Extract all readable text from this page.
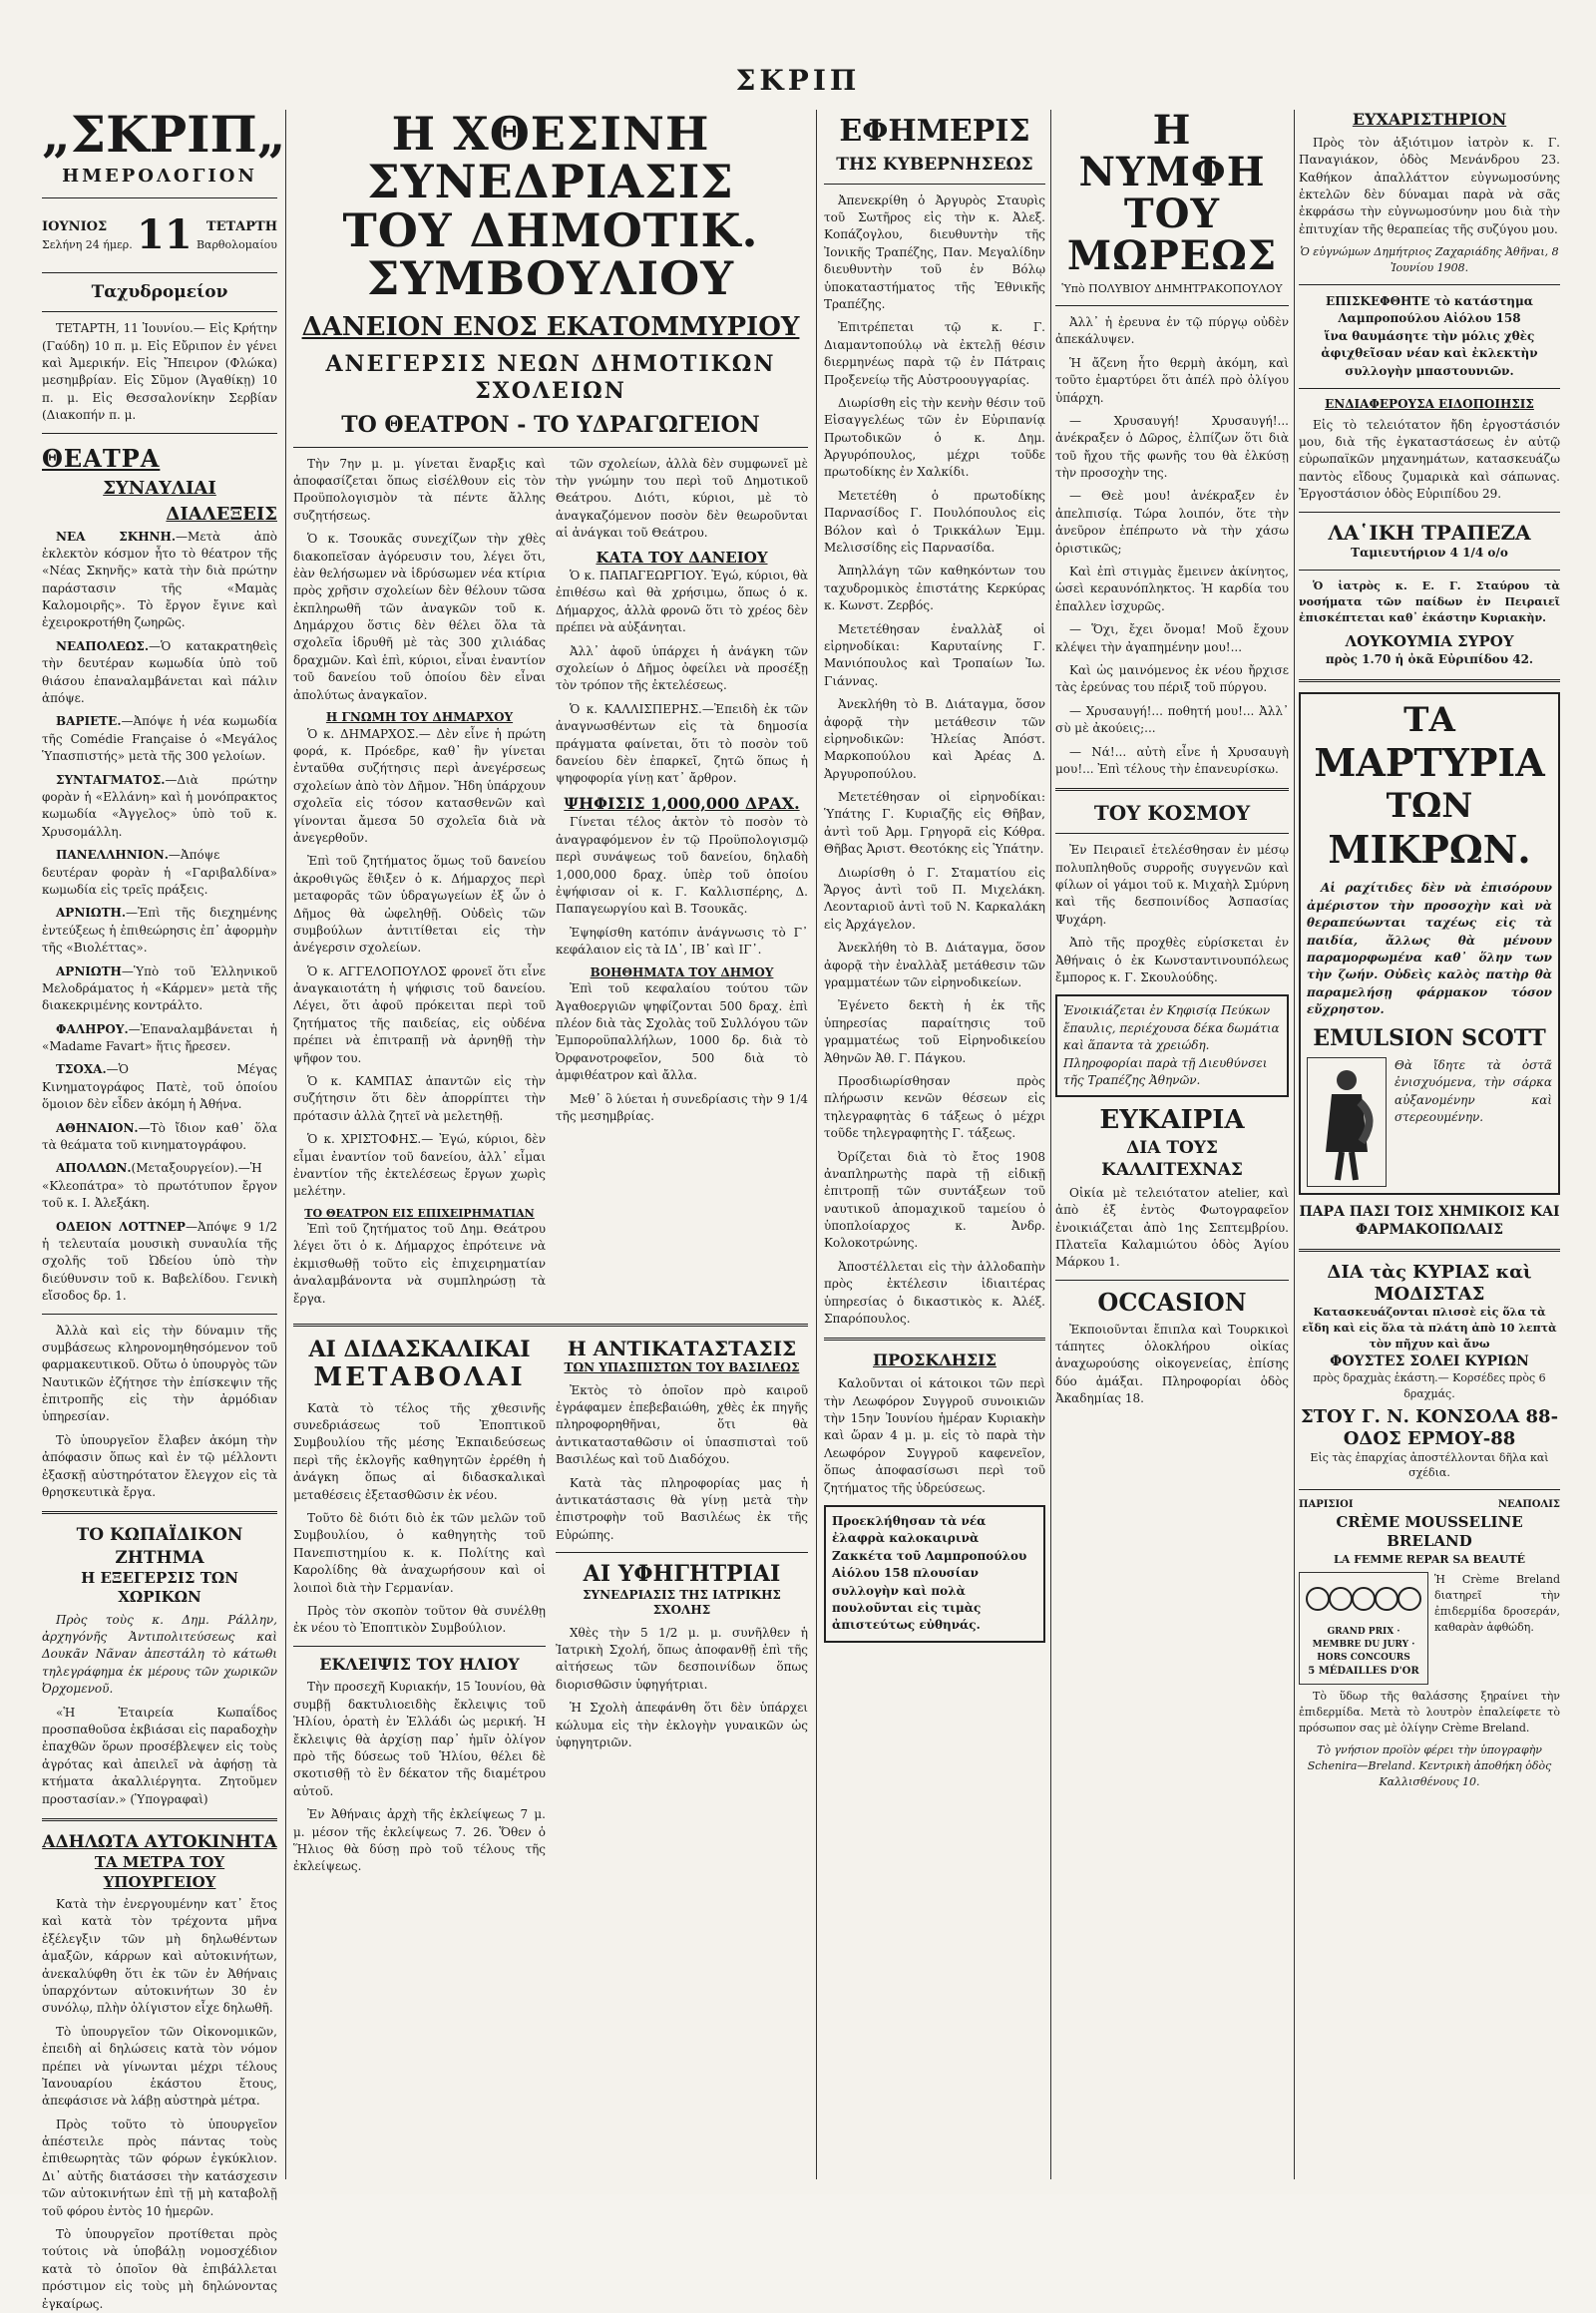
ΣΚΡΙΠ
„ΣΚΡΙΠ„
ΗΜΕΡΟΛΟΓΙΟΝ
ΙΟΥΝΙΟΣ
Σελήνη 24 ήμερ. 11	ΤΕΤΑΡΤΗ
Βαρθολομαίου
Ταχυδρομείον
ΤΕΤΑΡΤΗ, 11 Ἰουνίου.— Εἰς Κρήτην (Γαύδη) 10 π. μ. Εἰς Εὔριπον ἐν γένει καὶ Ἀμερικήν. Εἰς Ἤπειρον (Φλώκα) μεσημβρίαν. Εἰς Σῦμον (Ἀγαθίκῃ) 10 π. μ. Εἰς Θεσσαλονίκην Σερβίαν (Διακοπήν π. μ.
ΘΕΑΤΡΑ
ΣΥΝΑΥΛΙΑΙ
ΔΙΑΛΕΞΕΙΣ
ΝΕΑ ΣΚΗΝΗ.—Μετὰ ἀπὸ ἐκλεκτὸν κόσμον ἦτο τὸ θέατρον τῆς «Νέας Σκηνῆς» κατὰ τὴν διὰ πρώτην παράστασιν τῆς «Μαμὰς Καλομοιρῆς». Τὸ ἔργον ἔγινε καὶ ἐχειροκροτήθη ζωηρῶς.
ΝΕΑΠΟΛΕΩΣ.—Ὁ κατακρατηθεὶς τὴν δευτέραν κωμωδία ὑπὸ τοῦ θιάσου ἐπαναλαμβάνεται καὶ πάλιν ἀπόψε.
ΒΑΡΙΕΤΕ.—Ἀπόψε ἡ νέα κωμωδία τῆς Comédie Française ὁ «Μεγάλος Ὑπασπιστής» μετὰ τῆς 300 γελοίων.
ΣΥΝΤΑΓΜΑΤΟΣ.—Διὰ πρώτην φορὰν ἡ «Ελλάνη» καὶ ἡ μονόπρακτος κωμωδία «Ἀγγελος» ὑπὸ τοῦ κ. Χρυσομάλλη.
ΠΑΝΕΛΛΗΝΙΟΝ.—Ἀπόψε δευτέραν φορὰν ἡ «Γαριβαλδίνα» κωμωδία εἰς τρεῖς πράξεις.
ΑΡΝΙΩΤΗ.—Ἐπὶ τῆς διεχημένης ἐντεύξεως ἡ ἐπιθεώρησις ἐπ᾿ ἀφορμὴν τῆς «Βιολέττας».
ΑΡΝΙΩΤΗ—Ὑπὸ τοῦ Ἑλληνικοῦ Μελοδράματος ἡ «Κάρμεν» μετὰ τῆς διακεκριμένης κοντράλτο.
ΦΑΛΗΡΟΥ.—Ἐπαναλαμβάνεται ἡ «Madame Favart» ἥτις ἤρεσεν.
ΤΣΟΧΑ.—Ὁ Μέγας Κινηματογράφος Πατὲ, τοῦ ὁποίου ὅμοιον δὲν εἶδεν ἀκόμη ἡ Ἀθήνα.
ΑΘΗΝΑΙΟΝ.—Τὸ ἴδιον καθ᾿ ὅλα τὰ θεάματα τοῦ κινηματογράφου.
ΑΠΟΛΛΩΝ.(Μεταξουργείον).—Ἡ «Κλεοπάτρα» τὸ πρωτότυπον ἔργον τοῦ κ. Ι. Ἀλεξάκη.
ΟΔΕΙΟΝ ΛΟΤΤΝΕΡ—Ἀπόψε 9 1/2 ἡ τελευταία μουσικὴ συναυλία τῆς σχολῆς τοῦ Ὠδείου ὑπὸ τὴν διεύθυνσιν τοῦ κ. Βαβελίδου. Γενικὴ εἴσοδος δρ. 1.
Ἀλλὰ καὶ εἰς τὴν δύναμιν τῆς συμβάσεως κληρονομηθησόμενον τοῦ φαρμακευτικοῦ. Οὕτω ὁ ὑπουργὸς τῶν Ναυτικῶν ἐζήτησε τὴν ἐπίσκεψιν τῆς ἐπιτροπῆς εἰς τὴν ἀρμόδιαν ὑπηρεσίαν.
Τὸ ὑπουργεῖον ἔλαβεν ἀκόμη τὴν ἀπόφασιν ὅπως καὶ ἐν τῷ μέλλοντι ἐξασκῇ αὐστηρότατον ἔλεγχον εἰς τὰ θρησκευτικὰ ἔργα.
ΤΟ ΚΩΠΑΪΔΙΚΟΝ ΖΗΤΗΜΑ
Η ΕΞΕΓΕΡΣΙΣ ΤΩΝ ΧΩΡΙΚΩΝ
Πρὸς τοὺς κ. Δημ. Ράλλην, ἀρχηγόνῆς Ἀντιπολιτεύσεως καὶ Δουκᾶν Νᾶναν ἀπεστάλη τὸ κάτωθι τηλεγράφημα ἐκ μέρους τῶν χωρικῶν Ὀρχομενοῦ.
«Ἡ Ἑταιρεία Κωπαΐδος προσπαθοῦσα ἐκβιάσαι εἰς παραδοχὴν ἐπαχθῶν ὅρων προσέβλεψεν εἰς τοὺς ἀγρότας καὶ ἀπειλεῖ νὰ ἀφήσῃ τὰ κτήματα ἀκαλλιέργητα. Ζητοῦμεν προστασίαν.» (Ὑπογραφαὶ)
ΑΔΗΛΩΤΑ ΑΥΤΟΚΙΝΗΤΑ
ΤΑ ΜΕΤΡΑ ΤΟΥ ΥΠΟΥΡΓΕΙΟΥ
Κατὰ τὴν ἐνεργουμένην κατ᾿ ἔτος καὶ κατὰ τὸν τρέχοντα μῆνα ἐξέλεγξιν τῶν μὴ δηλωθέντων ἁμαξῶν, κάρρων καὶ αὐτοκινήτων, ἀνεκαλύφθη ὅτι ἐκ τῶν ἐν Ἀθήναις ὑπαρχόντων αὐτοκινήτων 30 ἐν συνόλῳ, πλὴν ὀλίγιστον εἶχε δηλωθῆ.
Τὸ ὑπουργεῖον τῶν Οἰκονομικῶν, ἐπειδὴ αἱ δηλώσεις κατὰ τὸν νόμον πρέπει νὰ γίνωνται μέχρι τέλους Ἰανουαρίου ἑκάστου ἔτους, ἀπεφάσισε νὰ λάβῃ αὐστηρὰ μέτρα.
Πρὸς τοῦτο τὸ ὑπουργεῖον ἀπέστειλε πρὸς πάντας τοὺς ἐπιθεωρητὰς τῶν φόρων ἐγκύκλιον. Δι᾿ αὐτῆς διατάσσει τὴν κατάσχεσιν τῶν αὐτοκινήτων ἐπὶ τῇ μὴ καταβολῇ τοῦ φόρου ἐντὸς 10 ἡμερῶν.
Τὸ ὑπουργεῖον προτίθεται πρὸς τούτοις νὰ ὑποβάλῃ νομοσχέδιον κατὰ τὸ ὁποῖον θὰ ἐπιβάλλεται πρόστιμον εἰς τοὺς μὴ δηλώνοντας ἐγκαίρως.
Η ΧΘΕΣΙΝΗ ΣΥΝΕΔΡΙΑΣΙΣ
ΤΟΥ ΔΗΜΟΤΙΚ. ΣΥΜΒΟΥΛΙΟΥ
ΔΑΝΕΙΟΝ ΕΝΟΣ ΕΚΑΤΟΜΜΥΡΙΟΥ
ΑΝΕΓΕΡΣΙΣ ΝΕΩΝ ΔΗΜΟΤΙΚΩΝ ΣΧΟΛΕΙΩΝ
ΤΟ ΘΕΑΤΡΟΝ - ΤΟ ΥΔΡΑΓΩΓΕΙΟΝ
Τὴν 7ην μ. μ. γίνεται ἔναρξις καὶ ἀποφασίζεται ὅπως εἰσέλθουν εἰς τὸν Προϋπολογισμὸν τὰ πέντε ἄλλης συζητήσεως.
Ὁ κ. Τσουκᾶς συνεχίζων τὴν χθὲς διακοπεῖσαν ἀγόρευσιν του, λέγει ὅτι, ἐὰν θελήσωμεν νὰ ἱδρύσωμεν νέα κτίρια πρὸς χρῆσιν σχολείων δὲν θέλουν τῶσα ἐκπληρωθῆ τῶν ἀναγκῶν τοῦ κ. Δημάρχου ὅστις δὲν θέλει ὅλα τὰ σχολεῖα ἱδρυθῆ μὲ τὰς 300 χιλιάδας δραχμῶν. Καὶ ἑπὶ, κύριοι, εἶναι ἐναντίον τοῦ δανείου τοῦ ὁποίου δὲν εἶναι ἀπολύτως ἀναγκαῖον.
Η ΓΝΩΜΗ ΤΟΥ ΔΗΜΑΡΧΟΥ
Ὁ κ. ΔΗΜΑΡΧΟΣ.— Δὲν εἶνε ἡ πρώτη φορά, κ. Πρόεδρε, καθ᾿ ἣν γίνεται ἐνταῦθα συζήτησις περὶ ἀνεγέρσεως σχολείων ἀπὸ τὸν Δῆμον. Ἤδη ὑπάρχουν σχολεῖα εἰς τόσον κατασθενῶν καὶ γίνονται ἄμεσα 50 σχολεῖα διὰ νὰ ἀνεγερθοῦν.
Ἐπὶ τοῦ ζητήματος ὅμως τοῦ δανείου ἀκροθιγῶς ἔθιξεν ὁ κ. Δήμαρχος περὶ μεταφορᾶς τῶν ὑδραγωγείων ἐξ ὧν ὁ Δῆμος θὰ ὠφεληθῇ. Οὐδεὶς τῶν συμβούλων ἀντιτίθεται εἰς τὴν ἀνέγερσιν σχολείων.
Ὁ κ. ΑΓΓΕΛΟΠΟΥΛΟΣ φρονεῖ ὅτι εἶνε ἀναγκαιοτάτη ἡ ψήφισις τοῦ δανείου. Λέγει, ὅτι ἀφοῦ πρόκειται περὶ τοῦ ζητήματος τῆς παιδείας, εἰς οὐδένα πρέπει νὰ ἐπιτραπῇ νὰ ἀρνηθῇ τὴν ψῆφον του.
Ὁ κ. ΚΑΜΠΑΣ ἀπαντῶν εἰς τὴν συζήτησιν ὅτι δὲν ἀπορρίπτει τὴν πρότασιν ἀλλὰ ζητεῖ νὰ μελετηθῇ.
Ὁ κ. ΧΡΙΣΤΟΦΗΣ.— Ἐγώ, κύριοι, δὲν εἶμαι ἐναντίον τοῦ δανείου, ἀλλ᾿ εἶμαι ἐναντίον τῆς ἐκτελέσεως ἔργων χωρὶς μελέτην.
ΤΟ ΘΕΑΤΡΟΝ ΕΙΣ ΕΠΙΧΕΙΡΗΜΑΤΙΑΝ
Ἐπὶ τοῦ ζητήματος τοῦ Δημ. Θεάτρου λέγει ὅτι ὁ κ. Δήμαρχος ἐπρότεινε νὰ ἐκμισθωθῇ τοῦτο εἰς ἐπιχειρηματίαν ἀναλαμβάνοντα νὰ συμπληρώσῃ τὰ ἔργα.
τῶν σχολείων, ἀλλὰ δὲν συμφωνεῖ μὲ τὴν γνώμην του περὶ τοῦ Δημοτικοῦ Θεάτρου. Διότι, κύριοι, μὲ τὸ ἀναγκαζόμενον ποσὸν δὲν θεωροῦνται αἱ ἀνάγκαι τοῦ Θεάτρου.
ΚΑΤΑ ΤΟΥ ΔΑΝΕΙΟΥ
Ὁ κ. ΠΑΠΑΓΕΩΡΓΙΟΥ. Ἐγώ, κύριοι, θὰ ἐπιθέσω καὶ θὰ χρήσιμω, ὅπως ὁ κ. Δήμαρχος, ἀλλὰ φρονῶ ὅτι τὸ χρέος δὲν πρέπει νὰ αὐξάνηται.
Ἀλλ᾿ ἀφοῦ ὑπάρχει ἡ ἀνάγκη τῶν σχολείων ὁ Δῆμος ὀφείλει νὰ προσέξῃ τὸν τρόπον τῆς ἐκτελέσεως.
Ὁ κ. ΚΑΛΛΙΣΠΕΡΗΣ.—Ἐπειδὴ ἐκ τῶν ἀναγνωσθέντων εἰς τὰ δημοσία πράγματα φαίνεται, ὅτι τὸ ποσὸν τοῦ δανείου δὲν ἐπαρκεῖ, ζητῶ ὅπως ἡ ψηφοφορία γίνῃ κατ᾿ ἄρθρον.
ΨΗΦΙΣΙΣ 1,000,000 ΔΡΑΧ.
Γίνεται τέλος ἀκτὸν τὸ ποσὸν τὸ ἀναγραφόμενον ἐν τῷ Προϋπολογισμῷ περὶ συνάψεως τοῦ δανείου, δηλαδὴ 1,000,000 δραχ. ὑπὲρ τοῦ ὁποίου ἐψήφισαν οἱ κ. Γ. Καλλισπέρης, Δ. Παπαγεωργίου καὶ Β. Τσουκᾶς.
Ἐψηφίσθη κατόπιν ἀνάγνωσις τὸ Γ᾿ κεφάλαιον εἰς τὰ ΙΔ᾿, ΙΒ᾿ καὶ ΙΓ᾿.
ΒΟΗΘΗΜΑΤΑ ΤΟΥ ΔΗΜΟΥ
Ἐπὶ τοῦ κεφαλαίου τούτου τῶν Ἀγαθοεργιῶν ψηφίζονται 500 δραχ. ἐπὶ πλέον διὰ τὰς Σχολὰς τοῦ Συλλόγου τῶν Ἐμποροϋπαλλήλων, 1000 δρ. διὰ τὸ Ὀρφανοτροφεῖον, 500 διὰ τὸ ἀμφιθέατρον καὶ ἄλλα.
Μεθ᾿ ὃ λύεται ἡ συνεδρίασις τὴν 9 1/4 τῆς μεσημβρίας.
ΑΙ ΔΙΔΑΣΚΑΛΙΚΑΙ
ΜΕΤΑΒΟΛΑΙ
Κατὰ τὸ τέλος τῆς χθεσινῆς συνεδριάσεως τοῦ Ἐποπτικοῦ Συμβουλίου τῆς μέσης Ἐκπαιδεύσεως περὶ τῆς ἐκλογῆς καθηγητῶν ἐρρέθη ἡ ἀνάγκη ὅπως αἱ διδασκαλικαὶ μεταθέσεις ἐξετασθῶσιν ἐκ νέου.
Τοῦτο δὲ διότι διὸ ἐκ τῶν μελῶν τοῦ Συμβουλίου, ὁ καθηγητὴς τοῦ Πανεπιστημίου κ. κ. Πολίτης καὶ Καρολίδης θὰ ἀναχωρήσουν καὶ οἱ λοιποὶ διὰ τὴν Γερμανίαν.
Πρὸς τὸν σκοπὸν τοῦτον θὰ συνέλθῃ ἐκ νέου τὸ Ἐποπτικὸν Συμβούλιον.
ΕΚΛΕΙΨΙΣ ΤΟΥ ΗΛΙΟΥ
Τὴν προσεχῆ Κυριακήν, 15 Ἰουνίου, θὰ συμβῇ δακτυλιοειδὴς ἔκλειψις τοῦ Ἡλίου, ὁρατὴ ἐν Ἑλλάδι ὡς μερική. Ἡ ἔκλειψις θὰ ἀρχίσῃ παρ᾿ ἡμῖν ὀλίγον πρὸ τῆς δύσεως τοῦ Ἡλίου, θέλει δὲ σκοτισθῇ τὸ ἓν δέκατον τῆς διαμέτρου αὐτοῦ.
Ἐν Ἀθήναις ἀρχὴ τῆς ἐκλείψεως 7 μ. μ. μέσον τῆς ἐκλείψεως 7. 26. Ὅθεν ὁ Ἥλιος θὰ δύσῃ πρὸ τοῦ τέλους τῆς ἐκλείψεως.
Η ΑΝΤΙΚΑΤΑΣΤΑΣΙΣ
ΤΩΝ ΥΠΑΣΠΙΣΤΩΝ ΤΟΥ ΒΑΣΙΛΕΩΣ
Ἐκτὸς τὸ ὁποῖον πρὸ καιροῦ ἐγράφαμεν ἐπεβεβαιώθη, χθὲς ἐκ πηγῆς πληροφορηθῆναι, ὅτι θὰ ἀντικατασταθῶσιν οἱ ὑπασπισταὶ τοῦ Βασιλέως καὶ τοῦ Διαδόχου.
Κατὰ τὰς πληροφορίας μας ἡ ἀντικατάστασις θὰ γίνῃ μετὰ τὴν ἐπιστροφὴν τοῦ Βασιλέως ἐκ τῆς Εὐρώπης.
ΑΙ ΥΦΗΓΗΤΡΙΑΙ
ΣΥΝΕΔΡΙΑΣΙΣ ΤΗΣ ΙΑΤΡΙΚΗΣ ΣΧΟΛΗΣ
Χθὲς τὴν 5 1/2 μ. μ. συνῆλθεν ἡ Ἰατρικὴ Σχολή, ὅπως ἀποφανθῇ ἐπὶ τῆς αἰτήσεως τῶν δεσποινίδων ὅπως διορισθῶσιν ὑφηγήτριαι.
Ἡ Σχολὴ ἀπεφάνθη ὅτι δὲν ὑπάρχει κώλυμα εἰς τὴν ἐκλογὴν γυναικῶν ὡς ὑφηγητριῶν.
ΕΦΗΜΕΡΙΣ
ΤΗΣ ΚΥΒΕΡΝΗΣΕΩΣ
Ἀπενεκρίθη ὁ Ἀργυρὸς Σταυρὶς τοῦ Σωτῆρος εἰς τὴν κ. Ἀλεξ. Κοπάζογλου, διευθυντὴν τῆς Ἰονικῆς Τραπέζης, Παν. Μεγαλίδην διευθυντὴν τοῦ ἐν Βόλῳ ὑποκαταστήματος τῆς Ἐθνικῆς Τραπέζης.
Ἐπιτρέπεται τῷ κ. Γ. Διαμαντοπούλῳ νὰ ἐκτελῇ θέσιν διερμηνέως παρὰ τῷ ἐν Πάτραις Προξενείῳ τῆς Αὐστροουγγαρίας.
Διωρίσθη εἰς τὴν κενὴν θέσιν τοῦ Εἰσαγγελέως τῶν ἐν Εὐριπανίᾳ Πρωτοδικῶν ὁ κ. Δημ. Ἀργυρόπουλος, μέχρι τοῦδε πρωτοδίκης ἐν Χαλκίδι.
Μετετέθη ὁ πρωτοδίκης Παρνασίδος Γ. Πουλόπουλος εἰς Βόλον καὶ ὁ Τρικκάλων Ἐμμ. Μελισσίδης εἰς Παρνασίδα.
Ἀπηλλάγη τῶν καθηκόντων του ταχυδρομικὸς ἐπιστάτης Κερκύρας κ. Κωνστ. Ζερβός.
Μετετέθησαν ἐναλλὰξ οἱ εἰρηνοδίκαι: Καρυταίνης Γ. Μανιόπουλος καὶ Τροπαίων Ἰω. Γιάννας.
Ἀνεκλήθη τὸ Β. Διάταγμα, ὅσον ἀφορᾷ τὴν μετάθεσιν τῶν εἰρηνοδικῶν: Ἠλείας Ἀπόστ. Μαρκοπούλου καὶ Ἀρέας Δ. Ἀργυροπούλου.
Μετετέθησαν οἱ εἰρηνοδίκαι: Ὑπάτης Γ. Κυριαζῆς εἰς Θῆβαν, ἀντὶ τοῦ Ἀρμ. Γρηγορᾶ εἰς Κόθρα. Θῆβας Ἀριστ. Θεοτόκης εἰς Ὑπάτην.
Διωρίσθη ὁ Γ. Σταματίου εἰς Ἄργος ἀντὶ τοῦ Π. Μιχελάκη. Λεονταριοῦ ἀντὶ τοῦ Ν. Καρκαλάκη εἰς Ἀρχάγελον.
Ἀνεκλήθη τὸ Β. Διάταγμα, ὅσον ἀφορᾷ τὴν ἐναλλὰξ μετάθεσιν τῶν γραμματέων τῶν εἰρηνοδικείων.
Ἐγένετο δεκτὴ ἡ ἐκ τῆς ὑπηρεσίας παραίτησις τοῦ γραμματέως τοῦ Εἰρηνοδικείου Ἀθηνῶν Ἀθ. Γ. Πάγκου.
Προσδιωρίσθησαν πρὸς πλήρωσιν κενῶν θέσεων εἰς τηλεγραφητὰς 6 τάξεως ὁ μέχρι τοῦδε τηλεγραφητὴς Γ. τάξεως.
Ὀρίζεται διὰ τὸ ἔτος 1908 ἀναπληρωτὴς παρὰ τῇ εἰδικῇ ἐπιτροπῇ τῶν συντάξεων τοῦ ναυτικοῦ ἀπομαχικοῦ ταμείου ὁ ὑποπλοίαρχος κ. Ἀνδρ. Κολοκοτρώνης.
Ἀποστέλλεται εἰς τὴν ἀλλοδαπὴν πρὸς ἐκτέλεσιν ἰδιαιτέρας ὑπηρεσίας ὁ δικαστικὸς κ. Ἀλέξ. Σπαρόπουλος.
ΠΡΟΣΚΛΗΣΙΣ
Καλοῦνται οἱ κάτοικοι τῶν περὶ τὴν Λεωφόρον Συγγροῦ συνοικιῶν τὴν 15ην Ἰουνίου ἡμέραν Κυριακὴν καὶ ὥραν 4 μ. μ. εἰς τὸ παρὰ τὴν Λεωφόρον Συγγροῦ καφενεῖον, ὅπως ἀποφασίσωσι περὶ τοῦ ζητήματος τῆς ὑδρεύσεως.
Προεκλήθησαν τὰ νέα ἐλαφρὰ καλοκαιρινὰ Ζακκέτα τοῦ Λαμπροπούλου Αἰόλου 158 πλουσίαν συλλογὴν καὶ πολὰ πουλοῦνται εἰς τιμὰς ἀπιστεύτως εὐθηνάς.
Η ΝΥΜΦΗ
ΤΟΥ ΜΩΡΕΩΣ
Ὑπὸ ΠΟΛΥΒΙΟΥ ΔΗΜΗΤΡΑΚΟΠΟΥΛΟΥ
Ἀλλ᾿ ἡ ἐρευνα ἐν τῷ πύργῳ οὐδὲν ἀπεκάλυψεν.
Ἡ ἄζενη ἦτο θερμὴ ἀκόμη, καὶ τοῦτο ἐμαρτύρει ὅτι ἀπέλ πρὸ ὀλίγου ὑπάρχη.
— Χρυσαυγή! Χρυσαυγή!... ἀνέκραξεν ὁ Δῶρος, ἐλπίζων ὅτι διὰ τοῦ ἤχου τῆς φωνῆς του θὰ ἐλκύσῃ τὴν προσοχὴν της.
— Θεὲ μου! ἀνέκραξεν ἐν ἀπελπισίᾳ. Τώρα λοιπόν, ὅτε τὴν ἀνεῦρον ἐπέπρωτο νὰ τὴν χάσω ὁριστικῶς;
Καὶ ἐπὶ στιγμὰς ἔμεινεν ἀκίνητος, ὡσεὶ κεραυνόπληκτος. Ἡ καρδία του ἐπαλλεν ἰσχυρῶς.
— Ὅχι, ἔχει ὄνομα! Μοῦ ἔχουν κλέψει τὴν ἀγαπημένην μου!...
Καὶ ὡς μαινόμενος ἐκ νέου ἤρχισε τὰς ἐρεύνας του πέριξ τοῦ πύργου.
— Χρυσαυγή!... ποθητή μου!... Ἀλλ᾿ σὺ μὲ ἀκούεις;...
— Νά!... αὐτὴ εἶνε ἡ Χρυσαυγὴ μου!... Ἐπὶ τέλους τὴν ἐπανευρίσκω.
ΤΟΥ ΚΟΣΜΟΥ
Ἐν Πειραιεῖ ἐτελέσθησαν ἐν μέσῳ πολυπληθοῦς συρροῆς συγγενῶν καὶ φίλων οἱ γάμοι τοῦ κ. Μιχαὴλ Σμύρνη καὶ τῆς δεσποινίδος Ἀσπασίας Ψυχάρη.
Ἀπὸ τῆς προχθὲς εὑρίσκεται ἐν Ἀθήναις ὁ ἐκ Κωνσταντινουπόλεως ἔμπορος κ. Γ. Σκουλούδης.
Ἐνοικιάζεται ἐν Κηφισίᾳ Πεύκων ἔπαυλις, περιέχουσα δέκα δωμάτια καὶ ἅπαντα τὰ χρειώδη. Πληροφορίαι παρὰ τῇ Διευθύνσει τῆς Τραπέζης Ἀθηνῶν.
ΕΥΚΑΙΡΙΑ
ΔΙΑ ΤΟΥΣ ΚΑΛΛΙΤΕΧΝΑΣ
Οἰκία μὲ τελειότατον atelier, καὶ ἀπὸ ἐξ ἐντὸς Φωτογραφεῖον ἐνοικιάζεται ἀπὸ 1ης Σεπτεμβρίου. Πλατεῖα Καλαμιώτου ὁδὸς Ἁγίου Μάρκου 1.
OCCASION
Ἐκποιοῦνται ἔπιπλα καὶ Τουρκικοὶ τάπητες ὁλοκλήρου οἰκίας ἀναχωρούσης οἰκογενείας, ἐπίσης δύο ἀμάξαι. Πληροφορίαι ὁδὸς Ἀκαδημίας 18.
ΕΥΧΑΡΙΣΤΗΡΙΟΝ
Πρὸς τὸν ἀξιότιμον ἰατρὸν κ. Γ. Παναγιάκον, ὁδὸς Μενάνδρου 23. Καθήκον ἀπαλλάττον εὐγνωμοσύνης ἐκτελῶν δὲν δύναμαι παρὰ νὰ σᾶς ἐκφράσω τὴν εὐγνωμοσύνην μου διὰ τὴν ἐπιτυχίαν τῆς θεραπείας τῆς συζύγου μου.
Ὁ εὐγνώμων Δημήτριος Ζαχαριάδης Ἀθῆναι, 8 Ἰουνίου 1908.
ΕΠΙΣΚΕΦΘΗΤΕ τὸ κατάστημα Λαμπροπούλου Αἰόλου 158
ἵνα θαυμάσητε τὴν μόλις χθὲς ἀφιχθεῖσαν νέαν καὶ ἐκλεκτὴν συλλογὴν μπαστουνιῶν.
ΕΝΔΙΑΦΕΡΟΥΣΑ ΕΙΔΟΠΟΙΗΣΙΣ
Εἰς τὸ τελειότατον ἤδη ἐργοστάσιόν μου, διὰ τῆς ἐγκαταστάσεως ἐν αὐτῷ εὐρωπαϊκῶν μηχανημάτων, κατασκευάζω παντὸς εἴδους ζυμαρικὰ καὶ σάπωνας. Ἐργοστάσιον ὁδὸς Εὐριπίδου 29.
ΛΑ῾ΙΚΗ ΤΡΑΠΕΖΑ
Ταμιευτήριον 4 1/4 ο/ο
Ὁ ἰατρὸς κ. Ε. Γ. Σταύρου τὰ νοσήματα τῶν παίδων ἐν Πειραιεῖ ἐπισκέπτεται καθ᾿ ἑκάστην Κυριακὴν.
ΛΟΥΚΟΥΜΙΑ ΣΥΡΟΥ
πρὸς 1.70 ἡ ὀκᾶ Εὐριπίδου 42.
ΤΑ
ΜΑΡΤΥΡΙΑ
ΤΩΝ
ΜΙΚΡΩΝ.
Αἱ ραχίτιδες δὲν νὰ ἐπισόρουν ἀμέριστον τὴν προσοχὴν καὶ νὰ θεραπεύωνται ταχέως εἰς τὰ παιδία, ἄλλως θὰ μένουν παραμορφωμένα καθ᾿ ὅλην των τὴν ζωήν. Οὐδεὶς καλὸς πατὴρ θὰ παραμελήσῃ φάρμακον τόσον εὔχρηστον.
EMULSION SCOTT
Θὰ ἴδητε τὰ ὀστᾶ ἐνισχυόμενα, τὴν σάρκα αὐξανομένην καὶ στερεουμένην.
ΠΑΡΑ ΠΑΣΙ ΤΟΙΣ ΧΗΜΙΚΟΙΣ ΚΑΙ ΦΑΡΜΑΚΟΠΩΛΑΙΣ
ΔΙΑ τὰς ΚΥΡΙΑΣ καὶ ΜΟΔΙΣΤΑΣ
Κατασκευάζονται πλισσὲ εἰς ὅλα τὰ εἴδη καὶ εἰς ὅλα τὰ πλάτη ἀπὸ 10 λεπτὰ τὸν πῆχυν καὶ ἄνω
ΦΟΥΣΤΕΣ ΣΟΛΕΙ ΚΥΡΙΩΝ
πρὸς δραχμὰς ἑκάστη.— Κορσέδες πρὸς 6 δραχμάς.
ΣΤΟΥ Γ. Ν. ΚΟΝΣΟΛΑ 88-ΟΔΟΣ ΕΡΜΟΥ-88
Εἰς τὰς ἐπαρχίας ἀποστέλλονται δῆλα καὶ σχέδια.
ΠΑΡΙΣΙΟΙ	ΝΕΑΠΟΛΙΣ
CRÈME MOUSSELINE BRELAND
LA FEMME REPAR SA BEAUTÉ
GRAND PRIX · MEMBRE DU JURY · HORS CONCOURS
5 MÉDAILLES D'OR
Ἡ Crème Breland διατηρεῖ τὴν ἐπιδερμίδα δροσεράν, καθαρὰν ἀφθώδη.
Τὸ ὕδωρ τῆς θαλάσσης ξηραίνει τὴν ἐπιδερμίδα. Μετὰ τὸ λουτρὸν ἐπαλείφετε τὸ πρόσωπον σας μὲ ὀλίγην Crème Breland.
Τὸ γνήσιον προϊὸν φέρει τὴν ὑπογραφὴν Schenira—Breland. Κεντρικὴ ἀποθήκη ὁδὸς Καλλισθένους 10.
